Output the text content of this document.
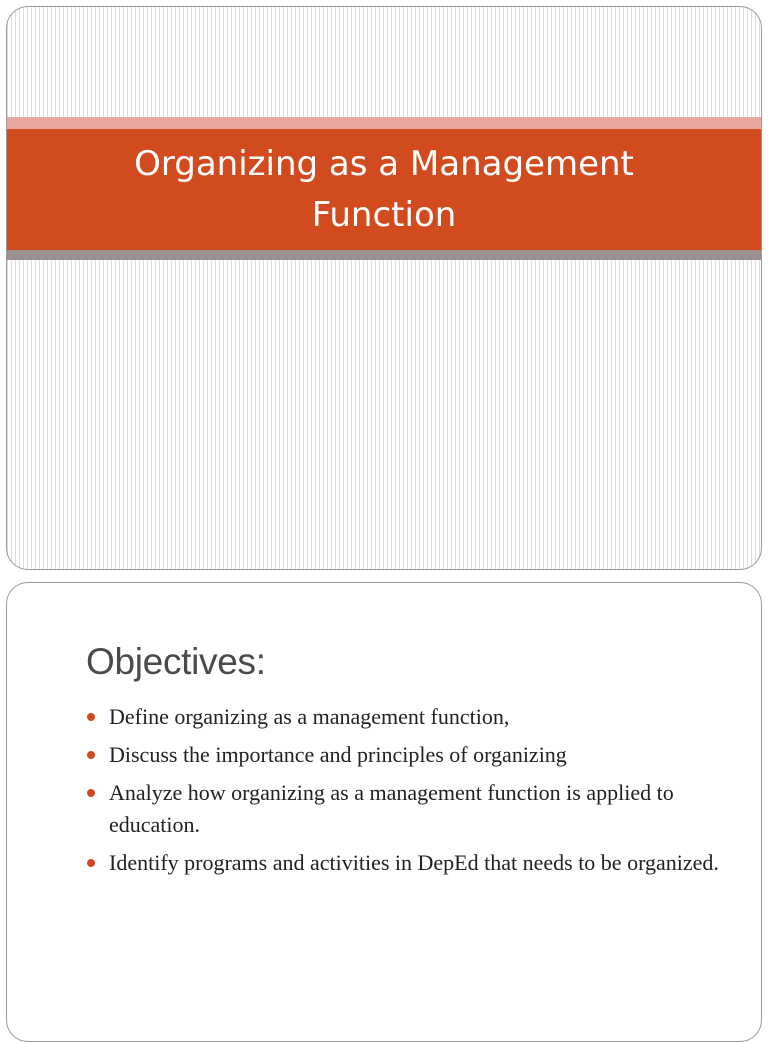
Organizing as a Management Function
Objectives:
Define organizing as a management function,
Discuss the importance and principles of organizing
Analyze how organizing as a management function is applied to education.
Identify programs and activities in DepEd that needs to be organized.
